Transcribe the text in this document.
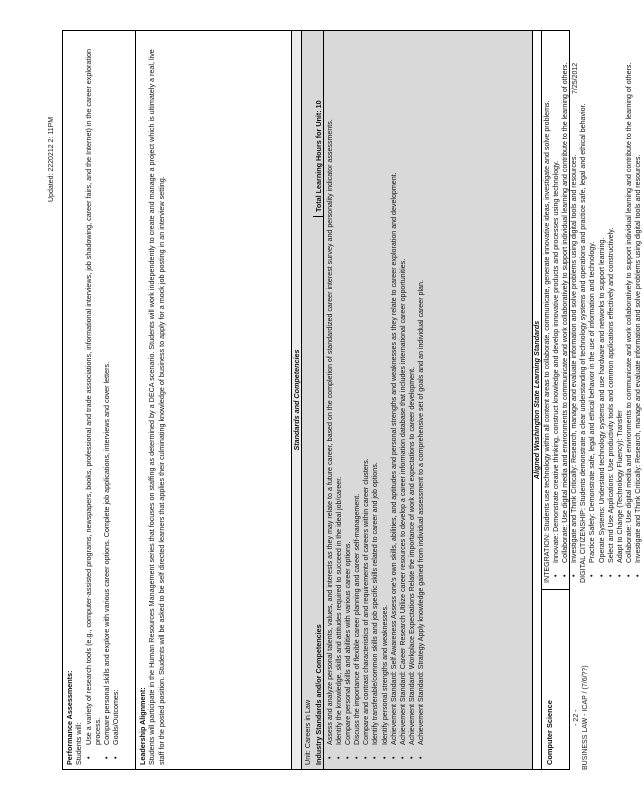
Updated: 2220212 2: 11PM
Performance Assessments: Students will: •
Use a variety of research tools (e.g., computer-assisted programs, newspapers, books, professional and trade associations, informational interviews, job shadowing, career fairs, and the Internet) in the career exploration process.
•
Compare personal skills and explore with various career options. Complete job applications, interviews and cover letters.
•
Goals/Outcomes: Leadership Alignment: Students will participate in the Human Resources Management series that focuses on staffing as determined by a DECA scenario. Students will work independently to create and manage a project which is ultimately a real, live staff for the posted position. Students will be asked to be self directed learners that applies their culminating knowledge of business to apply for a mock job posting in an interview setting.	Standards and Competencies
Unit: Careers in Law Industry Standards and/or Competencies
Total Learning Hours for Unit: 10
•
Assess and analyze personal talents, values, and interests as they may relate to a future career, based on the completion of standardized career interest survey and personality indicator assessments.
•
Identify the knowledge, skills and attitudes required to succeed in the ideal job/career.
•
Compare personal skills and abilities with various career options.
•
Discuss the importance of flexible career planning and career self-management.
•
Compare and contrast characteristics of and requirements of careers within career clusters.
•
Identify transferable/common skills and job specific skills related to career and job options.
•
Identify personal strengths and weaknesses.
•
Achievement Standard: Self Awareness Assess one's own skills, abilities, and aptitudes and personal strengths and weaknesses as they relate to career exploration and development.
•
Achievement Standard: Career Research Utilize career resources to develop a career information database that includes international career opportunities.
•
Achievement Standard: Workplace Expectations Relate the importance of work and expectations to career development.
•
Achievement Standard: Strategy Apply knowledge gained from individual assessment to a comprehensive set of goals and an individual career plan.	Aligned Washington State Learning Standards
Computer Science
INTEGRATION: Students use technology within all content areas to collaborate, communicate, generate innovative ideas, investigate and solve problems. •
Innovate: Demonstrate creative thinking, construct knowledge and develop innovative products and processes using technology.
•
Collaborate: Use digital media and environments to communicate and work collaboratively to support individual learning and contribute to the learning of others.
•
Investigate and Think Critically: Research, manage and evaluate information and solve problems using digital tools and resources. DIGITAL CITIZENSHIP: Students demonstrate a clear understanding of technology systems and operations and practice safe, legal and ethical behavior. •
Practice Safety: Demonstrate safe, legal and ethical behavior in the use of information and technology.
•
Operate Systems: Understand technology systems and use hardware and networks to support learning.
•
Select and Use Applications: Use productivity tools and common applications effectively and constructively.
•
Adapt to Change (Technology Fluency): Transfer
•
Collaborate: Use digital media and environments to communicate and work collaboratively to support individual learning and contribute to the learning of others.
•
Investigate and Think Critically: Research, manage and evaluate information and solve problems using digital tools and resources.
- 22 - BUSINESS LAW - ICAP / (7/6/??)
7/25/2012
